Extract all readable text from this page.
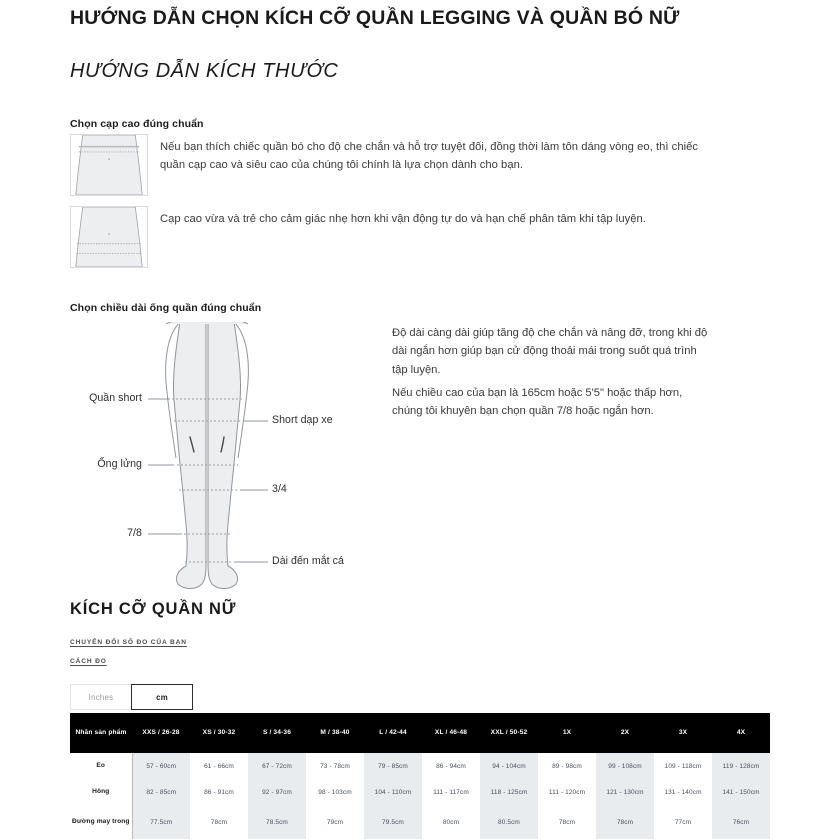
HƯỚNG DẪN CHỌN KÍCH CỠ QUẦN LEGGING VÀ QUẦN BÓ NỮ
HƯỚNG DẪN KÍCH THƯỚC
Chọn cạp cao đúng chuẩn

Nếu bạn thích chiếc quần bó cho độ che chắn và hỗ trợ tuyệt đối, đồng thời làm tôn dáng vòng eo, thì chiếc quần cạp cao và siêu cao của chúng tôi chính là lựa chọn dành cho bạn.

Cạp cao vừa và trẻ cho cảm giác nhẹ hơn khi vận động tự do và hạn chế phân tâm khi tập luyện.

Chọn chiều dài ống quần đúng chuẩn
Quần short
Short dạp xe
Ống lửng
3/4
7/8
Dài đến mắt cá

Độ dài càng dài giúp tăng độ che chắn và nâng đỡ, trong khi độ dài ngắn hơn giúp bạn cử động thoải mái trong suốt quá trình tập luyện.

Nếu chiều cao của bạn là 165cm hoặc 5'5" hoặc thấp hơn, chúng tôi khuyên bạn chọn quần 7/8 hoặc ngắn hơn.

KÍCH CỠ QUẦN NỮ
CHUYỂN ĐỔI SỐ ĐO CỦA BẠN
CÁCH ĐO
Inches	cm
Nhãn sản phẩm	XXS / 26-28	XS / 30-32	S / 34-36	M / 38-40	L / 42-44	XL / 46-48	XXL / 50-52	1X	2X	3X	4X
Eo	57 - 60cm	61 - 66cm	67 - 72cm	73 - 78cm	79 - 85cm	86 - 94cm	94 - 104cm	89 - 98cm	99 - 108cm	109 - 118cm	119 - 128cm
Hông	82 - 85cm	86 - 91cm	92 - 97cm	98 - 103cm	104 - 110cm	111 - 117cm	118 - 125cm	111 - 120cm	121 - 130cm	131 - 140cm	141 - 150cm
Đường may trong	77.5cm	78cm	78.5cm	79cm	79.5cm	80cm	80.5cm	78cm	78cm	77cm	76cm
